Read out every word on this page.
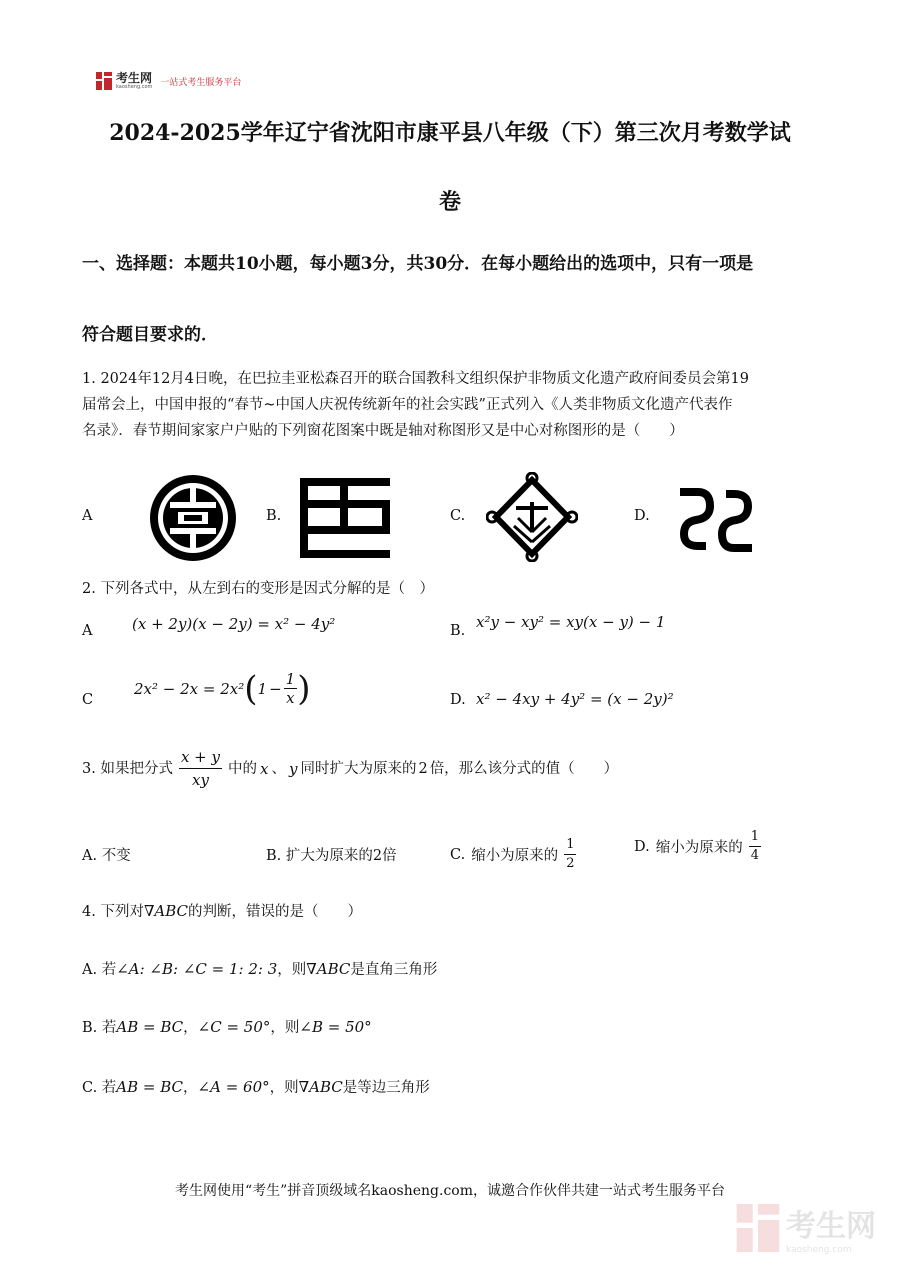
考生网
kaosheng.com 一站式考生服务平台
2024-2025学年辽宁省沈阳市康平县八年级（下）第三次月考数学试
卷
一、选择题：本题共10小题，每小题3分，共30分．在每小题给出的选项中，只有一项是
符合题目要求的．
1. 2024年12月4日晚，在巴拉圭亚松森召开的联合国教科文组织保护非物质文化遗产政府间委员会第19
届常会上，中国申报的“春节~中国人庆祝传统新年的社会实践”正式列入《人类非物质文化遗产代表作
名录》．春节期间家家户户贴的下列窗花图案中既是轴对称图形又是中心对称图形的是（　　）
A	B.	C.	D.
2. 下列各式中，从左到右的变形是因式分解的是（　）
A	(x + 2y)(x − 2y) = x² − 4y²	B. x²y − xy² = xy(x − y) − 1
C
2x² − 2x = 2x² ( $1 - \frac{1}{x}$ )	D. x² − 4xy + 4y² = (x − 2y)²
3. 如果把分式 $\frac{x + y}{xy}$ 中的 x 、 y 同时扩大为原来的 2 倍，那么该分式的值（　　）
A. 不变	B. 扩大为原来的2倍	C. 缩小为原来的 $\frac{1}{2}$	D. 缩小为原来的 $\frac{1}{4}$
4. 下列对∇ABC的判断，错误的是（　　）
A. 若∠A: ∠B: ∠C = 1: 2: 3，则∇ABC是直角三角形
B. 若AB = BC，∠C = 50°，则∠B = 50°
C. 若AB = BC，∠A = 60°，则∇ABC是等边三角形
考生网使用“考生”拼音顶级域名kaosheng.com，诚邀合作伙伴共建一站式考生服务平台
考生网
kaosheng.com
